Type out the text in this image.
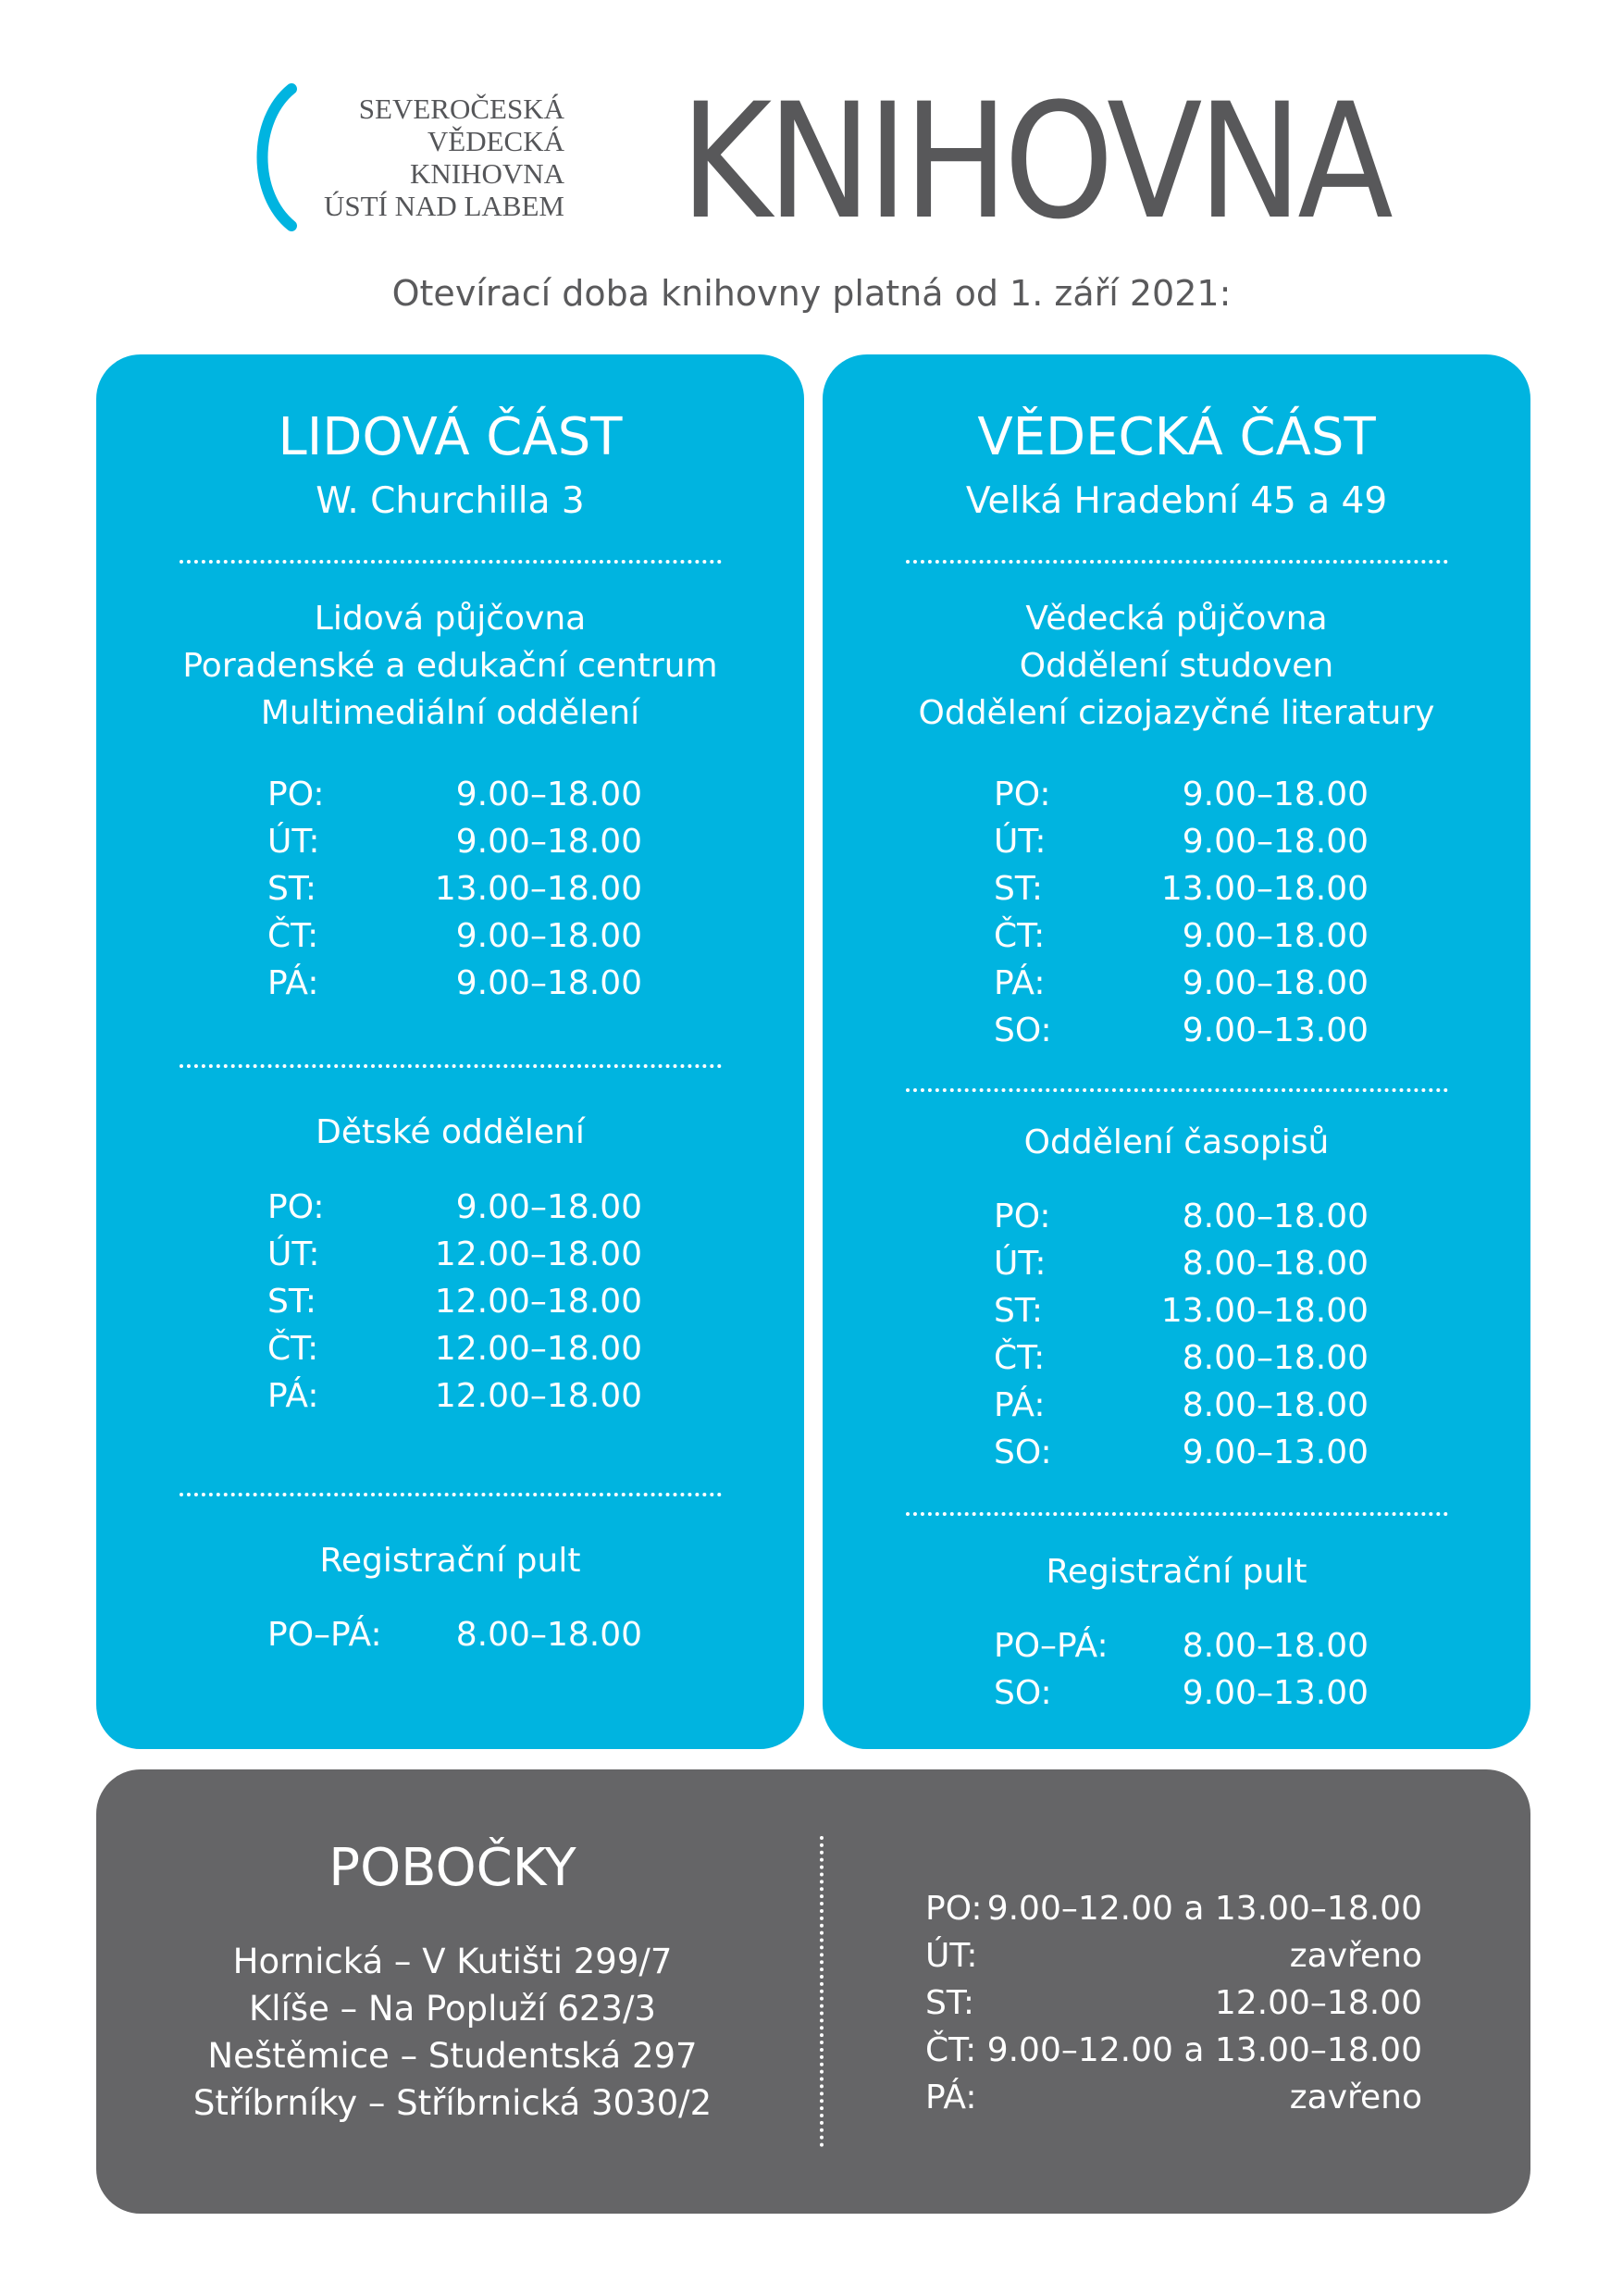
SEVEROČESKÁ
VĚDECKÁ
KNIHOVNA
ÚSTÍ NAD LABEM KNIHOVNA
Otevírací doba knihovny platná od 1. září 2021:
LIDOVÁ ČÁST
W. Churchilla 3
Lidová půjčovna
Poradenské a edukační centrum
Multimediální oddělení
PO:	9.00–18.00
ÚT:	9.00–18.00
ST:	13.00–18.00
ČT:	9.00–18.00
PÁ:	9.00–18.00
Dětské oddělení
PO:	9.00–18.00
ÚT:	12.00–18.00
ST:	12.00–18.00
ČT:	12.00–18.00
PÁ:	12.00–18.00
Registrační pult
PO–PÁ: 8.00–18.00
VĚDECKÁ ČÁST
Velká Hradební 45 a 49
Vědecká půjčovna
Oddělení studoven
Oddělení cizojazyčné literatury
PO:	9.00–18.00
ÚT:	9.00–18.00
ST:	13.00–18.00
ČT:	9.00–18.00
PÁ:	9.00–18.00
SO:	9.00–13.00
Oddělení časopisů
PO:	8.00–18.00
ÚT:	8.00–18.00
ST:	13.00–18.00
ČT:	8.00–18.00
PÁ:	8.00–18.00
SO:	9.00–13.00
Registrační pult
PO–PÁ: 8.00–18.00
SO:	9.00–13.00
POBOČKY
Hornická – V Kutišti 299/7
Klíše – Na Popluží 623/3
Neštěmice – Studentská 297
Stříbrníky – Stříbrnická 3030/2
PO: 9.00–12.00 a 13.00–18.00
ÚT:	zavřeno
ST:	12.00–18.00
ČT: 9.00–12.00 a 13.00–18.00
PÁ:	zavřeno
